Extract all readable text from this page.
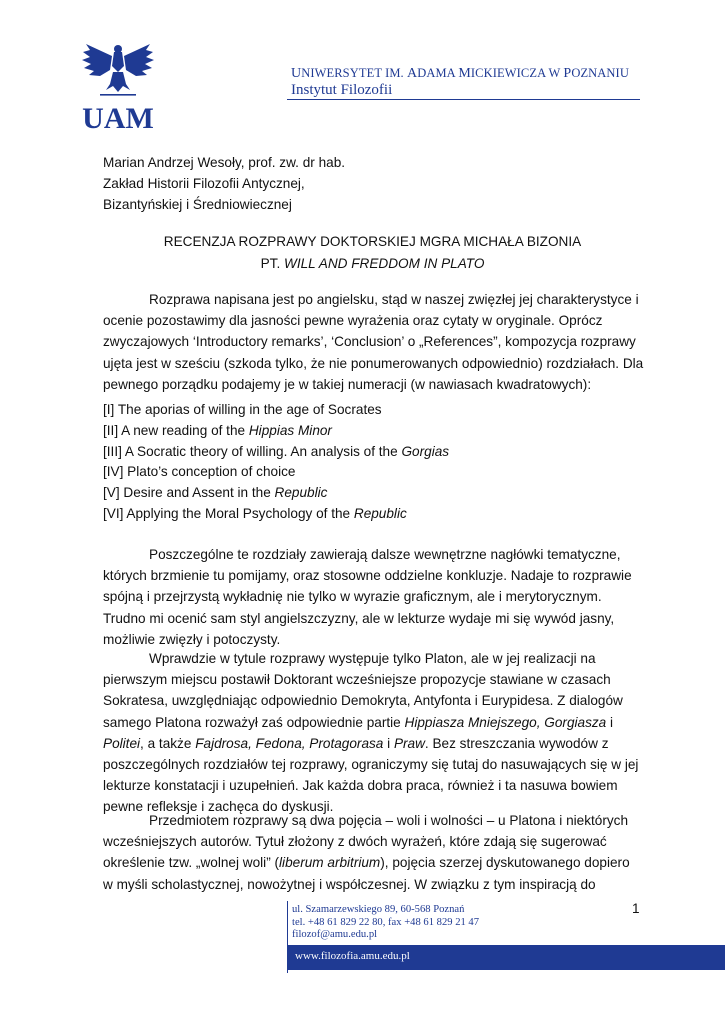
UAM
UNIWERSYTET IM. ADAMA MICKIEWICZA W POZNANIU
Instytut Filozofii
Marian Andrzej Wesoły, prof. zw. dr hab.
Zakład Historii Filozofii Antycznej,
Bizantyńskiej i Średniowiecznej
RECENZJA ROZPRAWY DOKTORSKIEJ MGRA MICHAŁA BIZONIA
PT. WILL AND FREDDOM IN PLATO
Rozprawa napisana jest po angielsku, stąd w naszej zwięzłej jej charakterystyce i
ocenie pozostawimy dla jasności pewne wyrażenia oraz cytaty w oryginale. Oprócz
zwyczajowych ‘Introductory remarks’, ‘Conclusion’ o „References”, kompozycja rozprawy
ujęta jest w sześciu (szkoda tylko, że nie ponumerowanych odpowiednio) rozdziałach. Dla
pewnego porządku podajemy je w takiej numeracji (w nawiasach kwadratowych):
[I] The aporias of willing in the age of Socrates
[II] A new reading of the Hippias Minor
[III] A Socratic theory of willing. An analysis of the Gorgias
[IV] Plato’s conception of choice
[V] Desire and Assent in the Republic
[VI] Applying the Moral Psychology of the Republic
Poszczególne te rozdziały zawierają dalsze wewnętrzne nagłówki tematyczne,
których brzmienie tu pomijamy, oraz stosowne oddzielne konkluzje. Nadaje to rozprawie
spójną i przejrzystą wykładnię nie tylko w wyrazie graficznym, ale i merytorycznym.
Trudno mi ocenić sam styl angielszczyzny, ale w lekturze wydaje mi się wywód jasny,
możliwie zwięzły i potoczysty.
Wprawdzie w tytule rozprawy występuje tylko Platon, ale w jej realizacji na
pierwszym miejscu postawił Doktorant wcześniejsze propozycje stawiane w czasach
Sokratesa, uwzględniając odpowiednio Demokryta, Antyfonta i Eurypidesa. Z dialogów
samego Platona rozważył zaś odpowiednie partie Hippiasza Mniejszego, Gorgiasza i
Politei, a także Fajdrosa, Fedona, Protagorasa i Praw. Bez streszczania wywodów z
poszczególnych rozdziałów tej rozprawy, ograniczymy się tutaj do nasuwających się w jej
lekturze konstatacji i uzupełnień. Jak każda dobra praca, również i ta nasuwa bowiem
pewne refleksje i zachęca do dyskusji.
Przedmiotem rozprawy są dwa pojęcia – woli i wolności – u Platona i niektórych
wcześniejszych autorów. Tytuł złożony z dwóch wyrażeń, które zdają się sugerować
określenie tzw. „wolnej woli” (liberum arbitrium), pojęcia szerzej dyskutowanego dopiero
w myśli scholastycznej, nowożytnej i współczesnej. W związku z tym inspiracją do
ul. Szamarzewskiego 89, 60-568 Poznań
tel. +48 61 829 22 80, fax +48 61 829 21 47
filozof@amu.edu.pl
www.filozofia.amu.edu.pl
1
